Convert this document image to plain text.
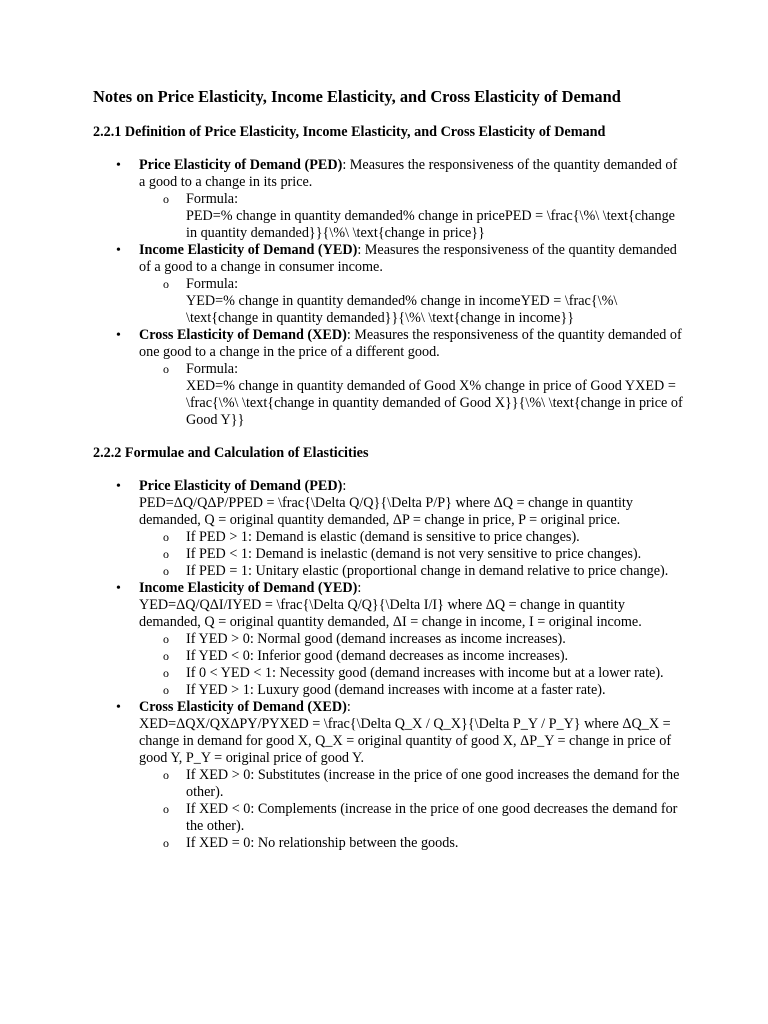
Notes on Price Elasticity, Income Elasticity, and Cross Elasticity of Demand
2.2.1 Definition of Price Elasticity, Income Elasticity, and Cross Elasticity of Demand
• Price Elasticity of Demand (PED): Measures the responsiveness of the quantity demanded of a good to a change in its price.
o Formula:
PED=% change in quantity demanded% change in pricePED = \frac{\%\ \text{change in quantity demanded}}{\%\ \text{change in price}}
• Income Elasticity of Demand (YED): Measures the responsiveness of the quantity demanded of a good to a change in consumer income.
o Formula:
YED=% change in quantity demanded% change in incomeYED = \frac{\%\ \text{change in quantity demanded}}{\%\ \text{change in income}}
• Cross Elasticity of Demand (XED): Measures the responsiveness of the quantity demanded of one good to a change in the price of a different good.
o Formula:
XED=% change in quantity demanded of Good X% change in price of Good YXED = \frac{\%\ \text{change in quantity demanded of Good X}}{\%\ \text{change in price of Good Y}}
2.2.2 Formulae and Calculation of Elasticities
• Price Elasticity of Demand (PED):
PED=ΔQ/QΔP/PPED = \frac{\Delta Q/Q}{\Delta P/P} where ΔQ = change in quantity demanded, Q = original quantity demanded, ΔP = change in price, P = original price.
o If PED > 1: Demand is elastic (demand is sensitive to price changes).
o If PED < 1: Demand is inelastic (demand is not very sensitive to price changes).
o If PED = 1: Unitary elastic (proportional change in demand relative to price change).
• Income Elasticity of Demand (YED):
YED=ΔQ/QΔI/IYED = \frac{\Delta Q/Q}{\Delta I/I} where ΔQ = change in quantity demanded, Q = original quantity demanded, ΔI = change in income, I = original income.
o If YED > 0: Normal good (demand increases as income increases).
o If YED < 0: Inferior good (demand decreases as income increases).
o If 0 < YED < 1: Necessity good (demand increases with income but at a lower rate).
o If YED > 1: Luxury good (demand increases with income at a faster rate).
• Cross Elasticity of Demand (XED):
XED=ΔQX/QXΔPY/PYXED = \frac{\Delta Q_X / Q_X}{\Delta P_Y / P_Y} where ΔQ_X = change in demand for good X, Q_X = original quantity of good X, ΔP_Y = change in price of good Y, P_Y = original price of good Y.
o If XED > 0: Substitutes (increase in the price of one good increases the demand for the other).
o If XED < 0: Complements (increase in the price of one good decreases the demand for the other).
o If XED = 0: No relationship between the goods.
